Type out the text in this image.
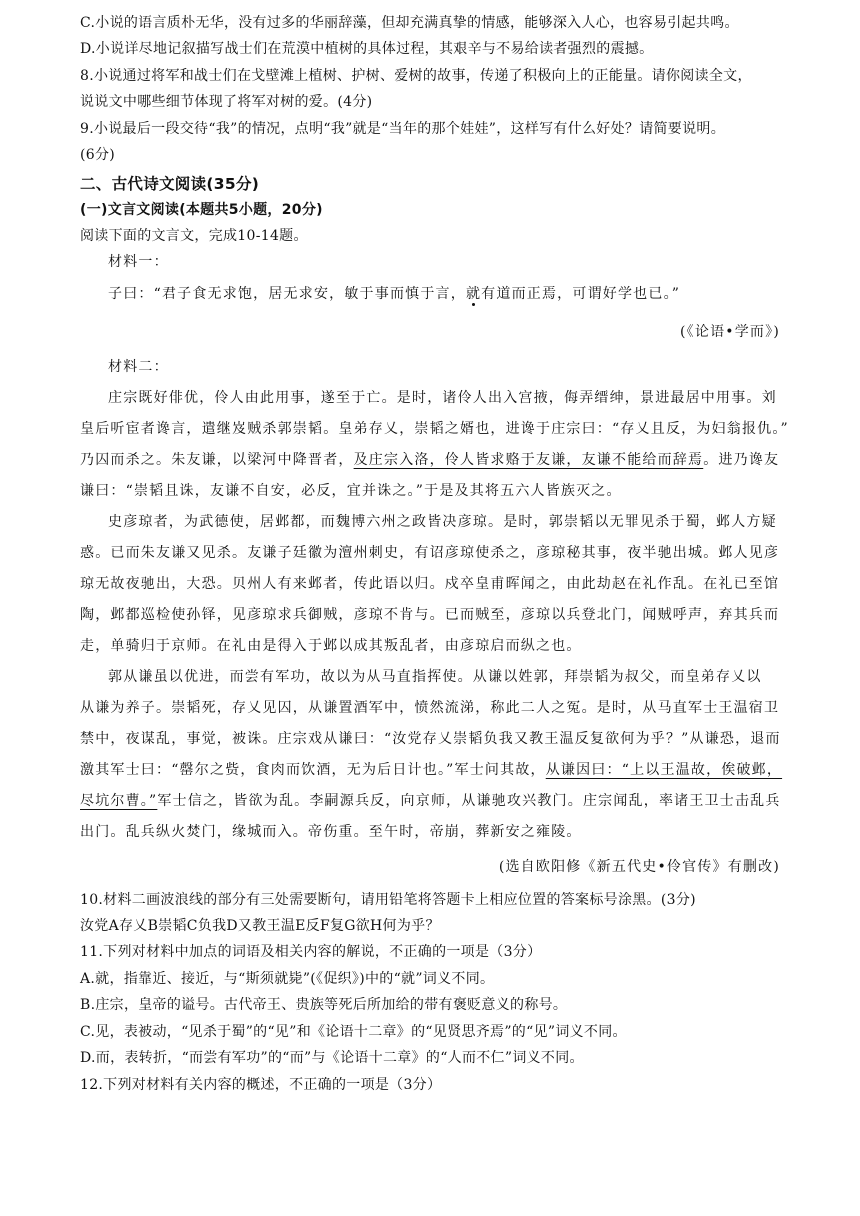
C.小说的语言质朴无华，没有过多的华丽辞藻，但却充满真挚的情感，能够深入人心，也容易引起共鸣。
D.小说详尽地记叙描写战士们在荒漠中植树的具体过程，其艰辛与不易给读者强烈的震撼。
8.小说通过将军和战士们在戈壁滩上植树、护树、爱树的故事，传递了积极向上的正能量。请你阅读全文，
说说文中哪些细节体现了将军对树的爱。(4分)
9.小说最后一段交待“我”的情况，点明“我”就是“当年的那个娃娃”，这样写有什么好处？请简要说明。
(6分)
二、古代诗文阅读(35分)
(一)文言文阅读(本题共5小题，20分)
阅读下面的文言文，完成10-14题。
材料一：
子曰：“君子食无求饱，居无求安，敏于事而慎于言，就有道而正焉，可谓好学也已。”
(《论语•学而》)
材料二：
庄宗既好俳优，伶人由此用事，遂至于亡。是时，诸伶人出入宫掖，侮弄缙绅，景进最居中用事。刘
皇后听宦者谗言，遣继岌贼杀郭崇韬。皇弟存乂，崇韬之婿也，进谗于庄宗曰：“存乂且反，为妇翁报仇。”
乃囚而杀之。朱友谦，以梁河中降晋者，及庄宗入洛，伶人皆求赂于友谦，友谦不能给而辞焉。进乃谗友
谦曰：“崇韬且诛，友谦不自安，必反，宜并诛之。”于是及其将五六人皆族灭之。
史彦琼者，为武德使，居邺都，而魏博六州之政皆决彦琼。是时，郭崇韬以无罪见杀于蜀，邺人方疑
惑。已而朱友谦又见杀。友谦子廷徽为澶州刺史，有诏彦琼使杀之，彦琼秘其事，夜半驰出城。邺人见彦
琼无故夜驰出，大恐。贝州人有来邺者，传此语以归。戍卒皇甫晖闻之，由此劫赵在礼作乱。在礼已至馆
陶，邺都巡检使孙铎，见彦琼求兵御贼，彦琼不肯与。已而贼至，彦琼以兵登北门，闻贼呼声，弃其兵而
走，单骑归于京师。在礼由是得入于邺以成其叛乱者，由彦琼启而纵之也。
郭从谦虽以优进，而尝有军功，故以为从马直指挥使。从谦以姓郭，拜崇韬为叔父，而皇弟存乂以
从谦为养子。崇韬死，存乂见囚，从谦置酒军中，愤然流涕，称此二人之冤。是时，从马直军士王温宿卫
禁中，夜谋乱，事觉，被诛。庄宗戏从谦曰：“汝党存乂崇韬负我又教王温反复欲何为乎？”从谦恐，退而
激其军士曰：“罄尔之赀，食肉而饮酒，无为后日计也。”军士问其故，从谦因曰：“上以王温故，俟破邺，
尽坑尔曹。”军士信之，皆欲为乱。李嗣源兵反，向京师，从谦驰攻兴教门。庄宗闻乱，率诸王卫士击乱兵
出门。乱兵纵火焚门，缘城而入。帝伤重。至午时，帝崩，葬新安之雍陵。
(选自欧阳修《新五代史•伶官传》有删改)
10.材料二画波浪线的部分有三处需要断句，请用铅笔将答题卡上相应位置的答案标号涂黑。(3分)
汝党A存乂B崇韬C负我D又教王温E反F复G欲H何为乎？
11.下列对材料中加点的词语及相关内容的解说，不正确的一项是（3分）
A.就，指靠近、接近，与“斯须就毙”(《促织》)中的“就”词义不同。
B.庄宗，皇帝的谥号。古代帝王、贵族等死后所加给的带有褒贬意义的称号。
C.见，表被动，“见杀于蜀”的“见”和《论语十二章》的“见贤思齐焉”的“见”词义不同。
D.而，表转折，“而尝有军功”的“而”与《论语十二章》的“人而不仁”词义不同。
12.下列对材料有关内容的概述，不正确的一项是（3分）
